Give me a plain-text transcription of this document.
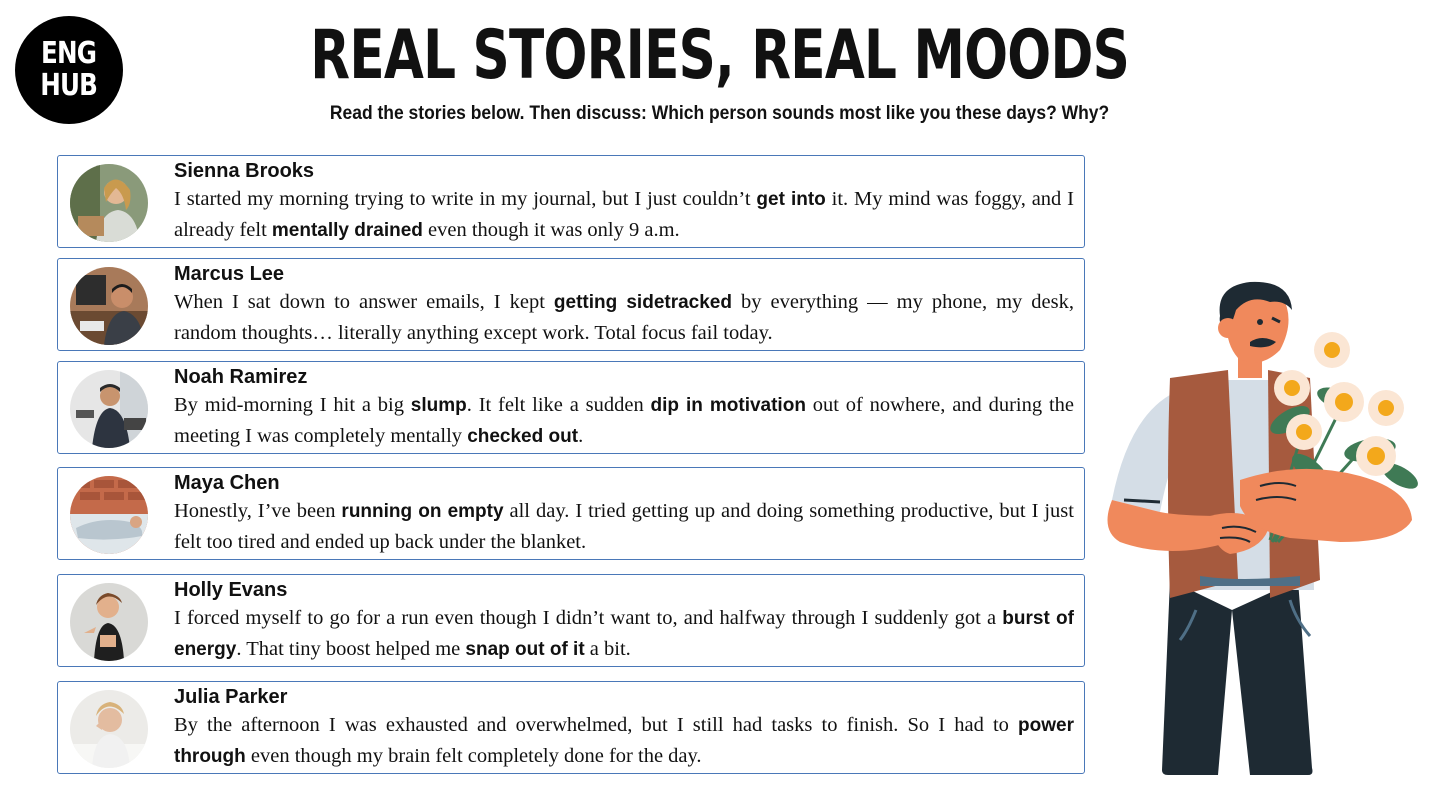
ENG
HUB	REAL STORIES, REAL MOODS
Read the stories below. Then discuss: Which person sounds most like you these days? Why?
Sienna Brooks

I started my morning trying to write in my journal, but I just couldn’t get into it. My mind was foggy, and I already felt mentally drained even though it was only 9 a.m.

Marcus Lee

When I sat down to answer emails, I kept getting sidetracked by everything — my phone, my desk, random thoughts… literally anything except work. Total focus fail today.

Noah Ramirez

By mid-morning I hit a big slump. It felt like a sudden dip in motivation out of nowhere, and during the meeting I was completely mentally checked out.

Maya Chen

Honestly, I’ve been running on empty all day. I tried getting up and doing something productive, but I just felt too tired and ended up back under the blanket.

Holly Evans

I forced myself to go for a run even though I didn’t want to, and halfway through I suddenly got a burst of energy. That tiny boost helped me snap out of it a bit.

Julia Parker

By the afternoon I was exhausted and overwhelmed, but I still had tasks to finish. So I had to power through even though my brain felt completely done for the day.
